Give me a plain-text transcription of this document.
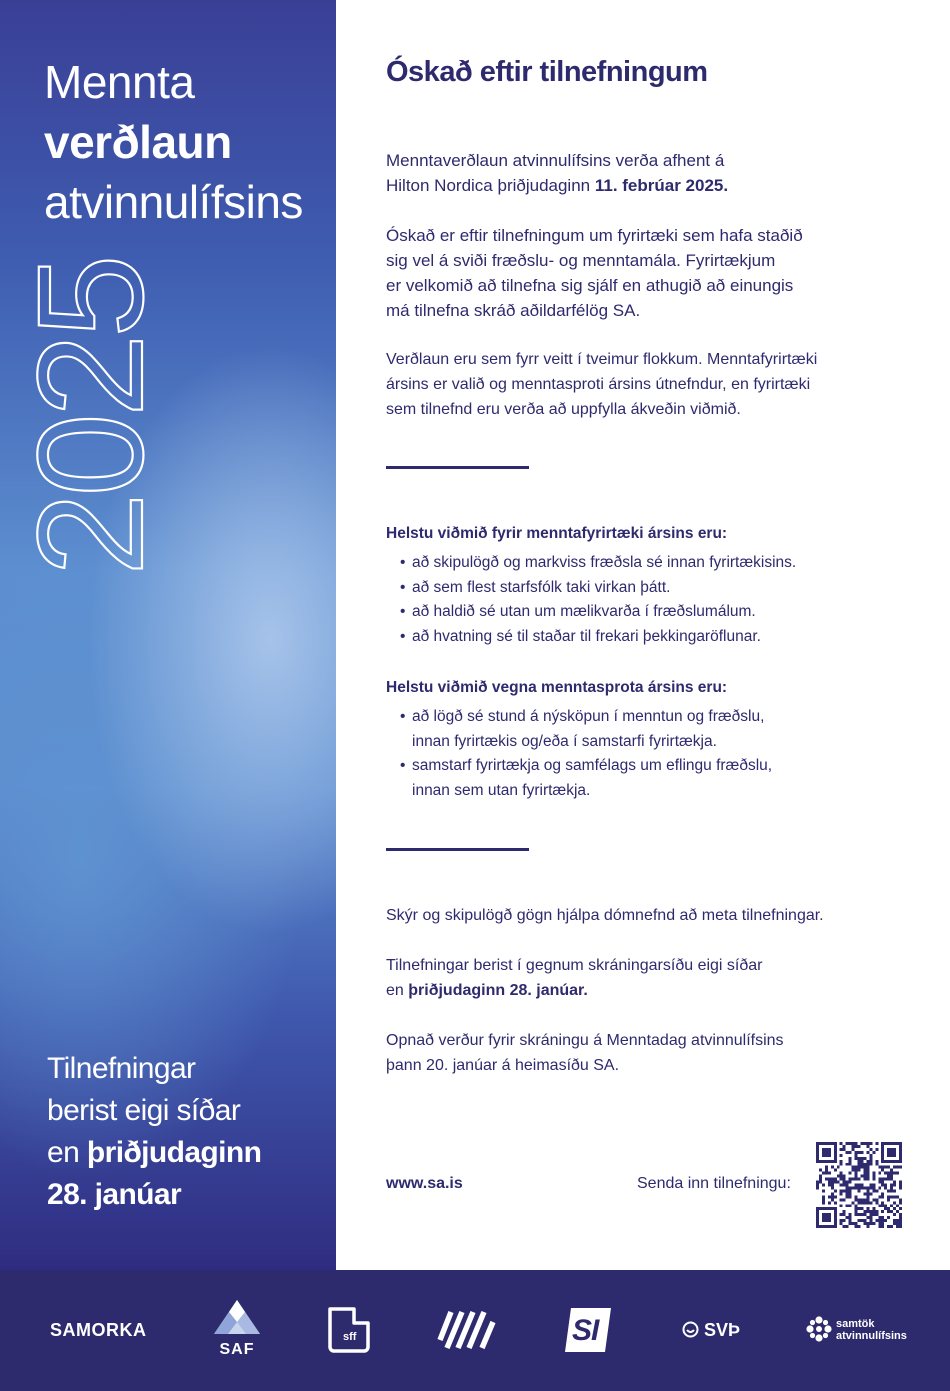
Mennta
verðlaun
atvinnulífsins
2025
Tilnefningar
berist eigi síðar
en þriðjudaginn
28. janúar
Óskað eftir tilnefningum

Menntaverðlaun atvinnulífsins verða afhent á
Hilton Nordica þriðjudaginn 11. febrúar 2025.

Óskað er eftir tilnefningum um fyrirtæki sem hafa staðið
sig vel á sviði fræðslu- og menntamála. Fyrirtækjum
er velkomið að tilnefna sig sjálf en athugið að einungis
má tilnefna skráð aðildarfélög SA.

Verðlaun eru sem fyrr veitt í tveimur flokkum. Menntafyrirtæki
ársins er valið og menntasproti ársins útnefndur, en fyrirtæki
sem tilnefnd eru verða að uppfylla ákveðin viðmið.

Helstu viðmið fyrir menntafyrirtæki ársins eru:
• að skipulögð og markviss fræðsla sé innan fyrirtækisins.
• að sem flest starfsfólk taki virkan þátt.
• að haldið sé utan um mælikvarða í fræðslumálum.
• að hvatning sé til staðar til frekari þekkingaröflunar.
Helstu viðmið vegna menntasprota ársins eru:
• að lögð sé stund á nýsköpun í menntun og fræðslu,
innan fyrirtækis og/eða í samstarfi fyrirtækja.
• samstarf fyrirtækja og samfélags um eflingu fræðslu,
innan sem utan fyrirtækja.

Skýr og skipulögð gögn hjálpa dómnefnd að meta tilnefningar.

Tilnefningar berist í gegnum skráningarsíðu eigi síðar
en þriðjudaginn 28. janúar.

Opnað verður fyrir skráningu á Menntadag atvinnulífsins
þann 20. janúar á heimasíðu SA.

www.sa.is	Senda inn tilnefningu:
SAMORKA
SAF
sff	SI	SVÞ	samtök
atvinnulífsins
